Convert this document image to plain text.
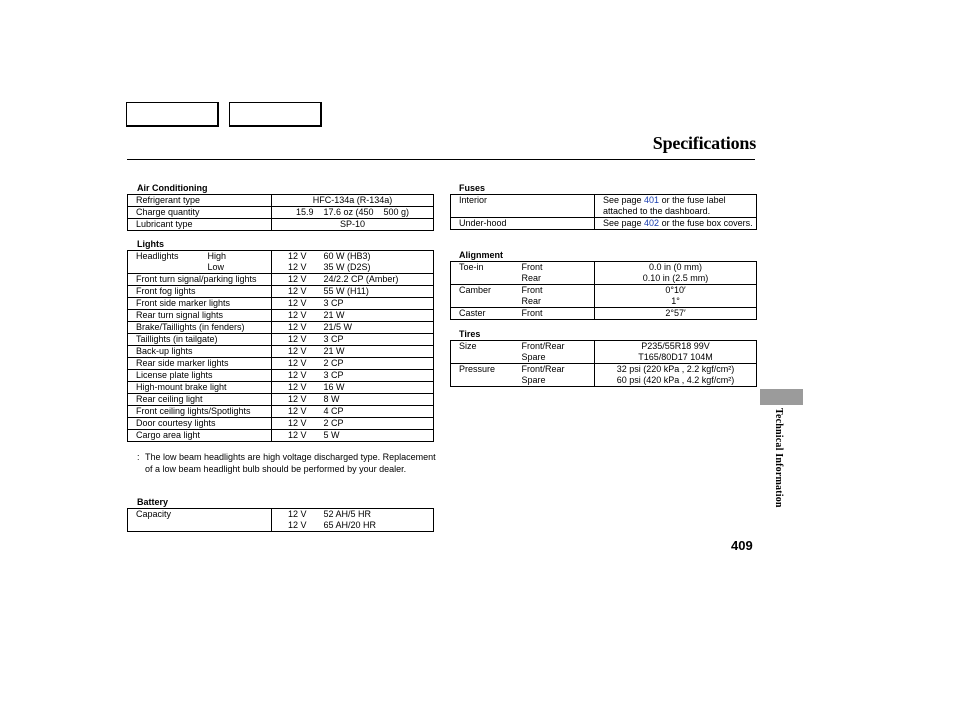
Specifications
Air Conditioning
Refrigerant type	HFC-134a (R-134a)
Charge quantity	15.9    17.6 oz (450    500 g)
Lubricant type	SP-10
Lights
Headlights	High	12 V	60 W (HB3)
	Low	12 V	35 W (D2S)
Front turn signal/parking lights		12 V	24/2.2 CP (Amber)
Front fog lights		12 V	55 W (H11)
Front side marker lights		12 V	3 CP
Rear turn signal lights		12 V	21 W
Brake/Taillights (in fenders)		12 V	21/5 W
Taillights (in tailgate)		12 V	3 CP
Back-up lights		12 V	21 W
Rear side marker lights		12 V	2 CP
License plate lights		12 V	3 CP
High-mount brake light		12 V	16 W
Rear ceiling light		12 V	8 W
Front ceiling lights/Spotlights		12 V	4 CP
Door courtesy lights		12 V	2 CP
Cargo area light		12 V	5 W
: The low beam headlights are high voltage discharged type. Replacement of a low beam headlight bulb should be performed by your dealer.
Battery
Capacity	12 V	52 AH/5 HR
	12 V	65 AH/20 HR
Fuses
Interior	See page 401 or the fuse label attached to the dashboard.
Under-hood	See page 402 or the fuse box covers.
Alignment
Toe-in	Front	0.0 in (0 mm)
	Rear	0.10 in (2.5 mm)
Camber	Front	0°10′
	Rear	1°
Caster	Front	2°57′
Tires
Size	Front/Rear	P235/55R18 99V
	Spare	T165/80D17 104M
Pressure	Front/Rear	32 psi (220 kPa , 2.2 kgf/cm²)
	Spare	60 psi (420 kPa , 4.2 kgf/cm²)
Technical Information
409
